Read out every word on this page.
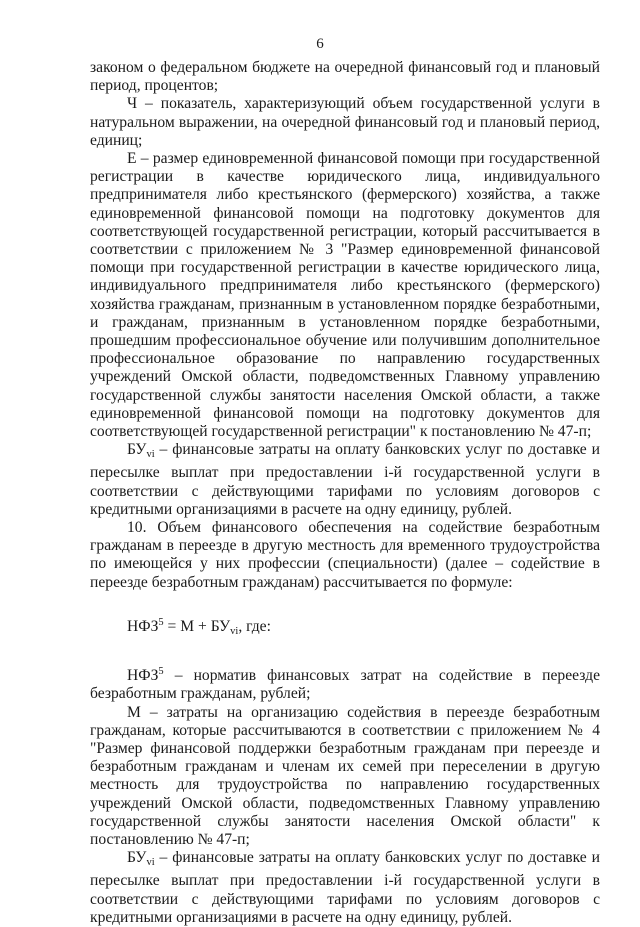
6

законом о федеральном бюджете на очередной финансовый год и плановый период, процентов;

Ч – показатель, характеризующий объем государственной услуги в натуральном выражении, на очередной финансовый год и плановый период, единиц;

Е – размер единовременной финансовой помощи при государственной регистрации в качестве юридического лица, индивидуального предпринимателя либо крестьянского (фермерского) хозяйства, а также единовременной финансовой помощи на подготовку документов для соответствующей государственной регистрации, который рассчитывается в соответствии с приложением № 3 "Размер единовременной финансовой помощи при государственной регистрации в качестве юридического лица, индивидуального предпринимателя либо крестьянского (фермерского) хозяйства гражданам, признанным в установленном порядке безработными, и гражданам, признанным в установленном порядке безработными, прошедшим профессиональное обучение или получившим дополнительное профессиональное образование по направлению государственных учреждений Омской области, подведомственных Главному управлению государственной службы занятости населения Омской области, а также единовременной финансовой помощи на подготовку документов для соответствующей государственной регистрации" к постановлению № 47-п;

$БУ_{vi}$ – финансовые затраты на оплату банковских услуг по доставке и пересылке выплат при предоставлении i-й государственной услуги в соответствии с действующими тарифами по условиям договоров с кредитными организациями в расчете на одну единицу, рублей.

10. Объем финансового обеспечения на содействие безработным гражданам в переезде в другую местность для временного трудоустройства по имеющейся у них профессии (специальности) (далее – содействие в переезде безработным гражданам) рассчитывается по формуле:

$НФЗ^5 = М + БУ_{vi}$, где:

НФЗ$^5$ – норматив финансовых затрат на содействие в переезде безработным гражданам, рублей;

М – затраты на организацию содействия в переезде безработным гражданам, которые рассчитываются в соответствии с приложением № 4 "Размер финансовой поддержки безработным гражданам при переезде и безработным гражданам и членам их семей при переселении в другую местность для трудоустройства по направлению государственных учреждений Омской области, подведомственных Главному управлению государственной службы занятости населения Омской области" к постановлению № 47-п;

$БУ_{vi}$ – финансовые затраты на оплату банковских услуг по доставке и пересылке выплат при предоставлении i-й государственной услуги в соответствии с действующими тарифами по условиям договоров с кредитными организациями в расчете на одну единицу, рублей.
